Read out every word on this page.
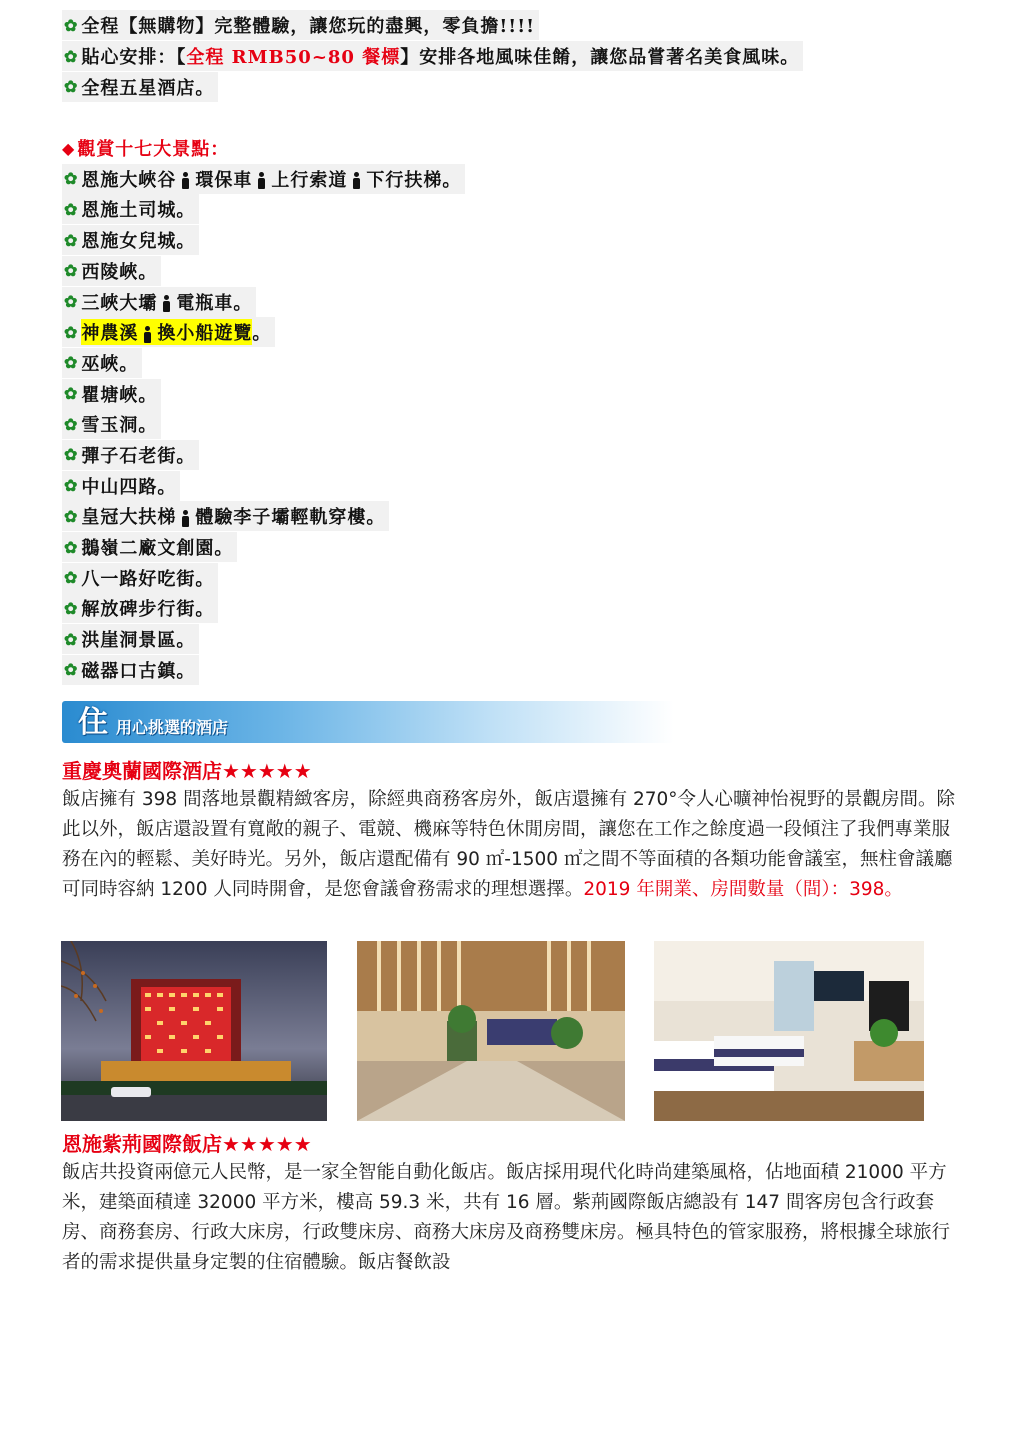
✿ 全程【無購物】完整體驗，讓您玩的盡興，零負擔!!!!
✿ 貼心安排：【 全程 RMB50~80 餐標 】安排各地風味佳餚，讓您品嘗著名美食風味。
✿ 全程五星酒店。
◆ 觀賞十七大景點：
✿ 恩施大峽谷 環保車 上行索道 下行扶梯 。
✿ 恩施土司城 。
✿ 恩施女兒城 。
✿ 西陵峽 。
✿ 三峽大壩 電瓶車 。
✿ 神農溪 換小船遊覽 。
✿ 巫峽 。
✿ 瞿塘峽 。
✿ 雪玉洞 。
✿ 彈子石老街 。
✿ 中山四路 。
✿ 皇冠大扶梯 體驗李子壩輕軌穿樓 。
✿ 鵝嶺二廠文創園 。
✿ 八一路好吃街 。
✿ 解放碑步行街 。
✿ 洪崖洞景區 。
✿ 磁器口古鎮 。
住 用心挑選的酒店
重慶奧蘭國際酒店★★★★★
飯店擁有 398 間落地景觀精緻客房，除經典商務客房外，飯店還擁有 270°令人心曠神怡視野的景觀房間。除此以外，飯店還設置有寬敞的親子、電競、機麻等特色休閒房間，讓您在工作之餘度過一段傾注了我們專業服務在內的輕鬆、美好時光。另外，飯店還配備有 90 ㎡-1500 ㎡之間不等面積的各類功能會議室，無柱會議廳可同時容納 1200 人同時開會，是您會議會務需求的理想選擇。2019 年開業、房間數量（間）：398。
恩施紫荊國際飯店★★★★★
飯店共投資兩億元人民幣，是一家全智能自動化飯店。飯店採用現代化時尚建築風格，佔地面積 21000 平方米，建築面積達 32000 平方米，樓高 59.3 米，共有 16 層。紫荊國際飯店總設有 147 間客房包含行政套房、商務套房、行政大床房，行政雙床房、商務大床房及商務雙床房。極具特色的管家服務，將根據全球旅行者的需求提供量身定製的住宿體驗。飯店餐飲設
